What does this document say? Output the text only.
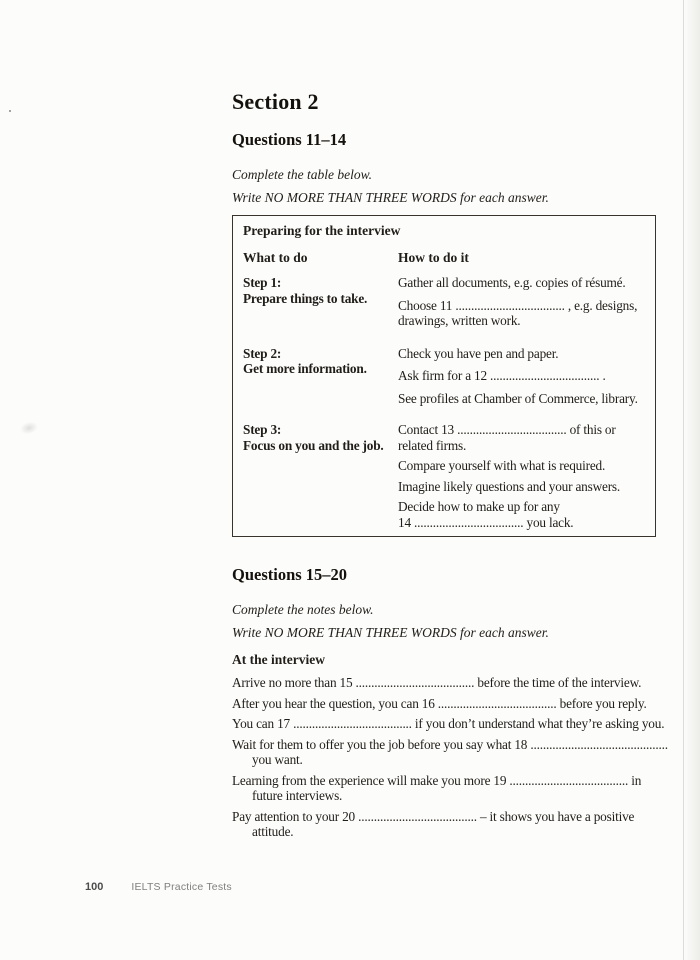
Section 2
Questions 11–14

Complete the table below.

Write NO MORE THAN THREE WORDS for each answer.

Preparing for the interview
What to do	How to do it
Step 1:
Prepare things to take.
Gather all documents, e.g. copies of résumé.
Choose 11 ................................... , e.g. designs,
drawings, written work.
Step 2:
Get more information.
Check you have pen and paper.
Ask firm for a 12 ................................... .
See profiles at Chamber of Commerce, library.
Step 3:
Focus on you and the job.
Contact 13 ................................... of this or
related firms.
Compare yourself with what is required.
Imagine likely questions and your answers.
Decide how to make up for any
14 ................................... you lack.
Questions 15–20

Complete the notes below.

Write NO MORE THAN THREE WORDS for each answer.

At the interview
Arrive no more than 15 ...................................... before the time of the interview.
After you hear the question, you can 16 ...................................... before you reply.
You can 17 ...................................... if you don’t understand what they’re asking you.
Wait for them to offer you the job before you say what 18 ............................................
you want.
Learning from the experience will make you more 19 ...................................... in
future interviews.
Pay attention to your 20 ...................................... – it shows you have a positive
attitude.
100	IELTS Practice Tests
